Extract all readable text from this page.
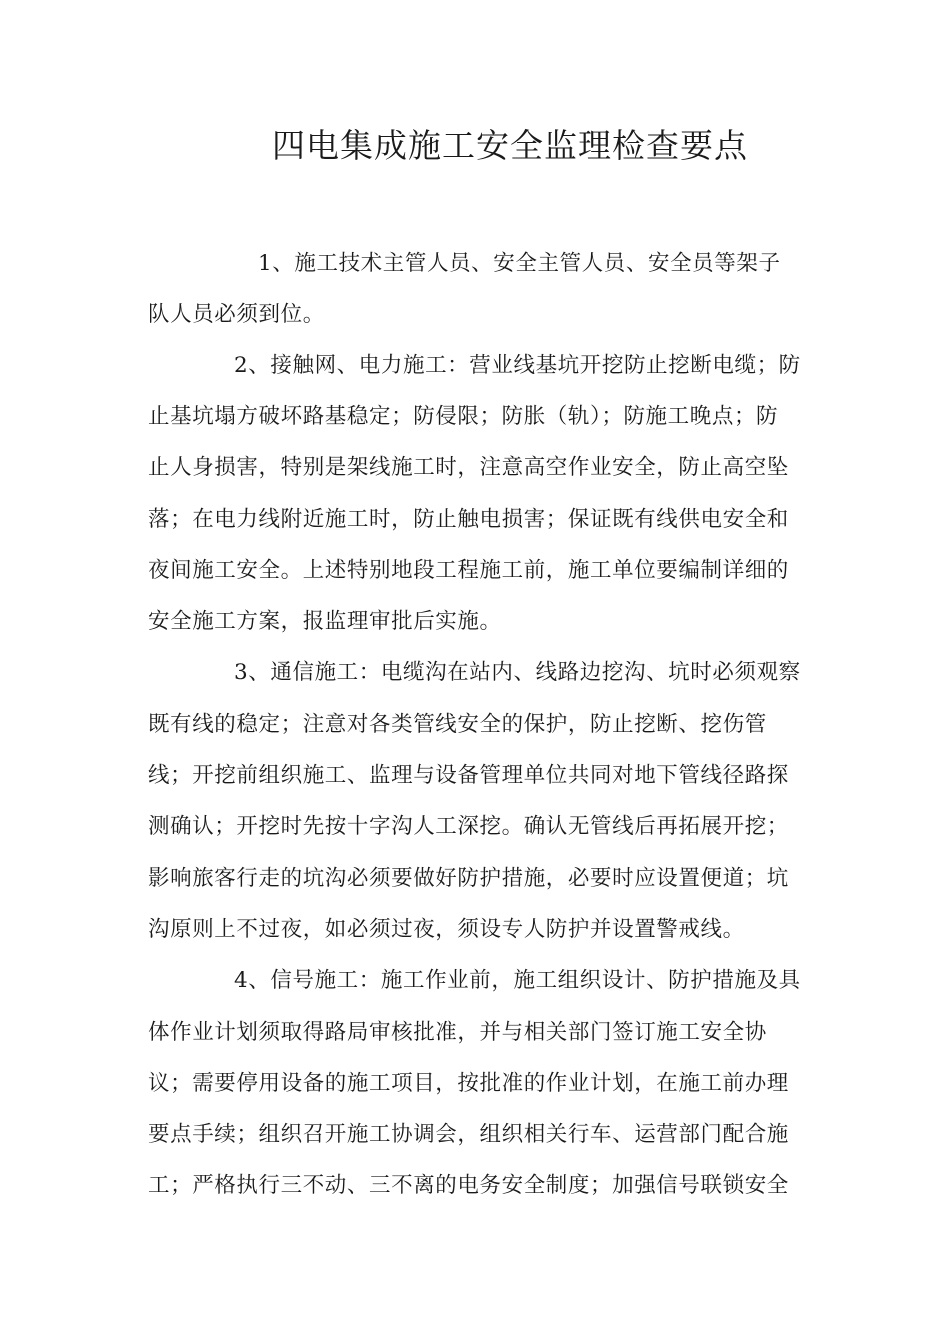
四电集成施工安全监理检查要点
1、施工技术主管人员、安全主管人员、安全员等架子
队人员必须到位。
2、接触网、电力施工：营业线基坑开挖防止挖断电缆；防
止基坑塌方破坏路基稳定；防侵限；防胀（轨）；防施工晚点；防
止人身损害，特别是架线施工时，注意高空作业安全，防止高空坠
落；在电力线附近施工时，防止触电损害；保证既有线供电安全和
夜间施工安全。上述特别地段工程施工前，施工单位要编制详细的
安全施工方案，报监理审批后实施。
3、通信施工：电缆沟在站内、线路边挖沟、坑时必须观察
既有线的稳定；注意对各类管线安全的保护，防止挖断、挖伤管
线；开挖前组织施工、监理与设备管理单位共同对地下管线径路探
测确认；开挖时先按十字沟人工深挖。确认无管线后再拓展开挖；
影响旅客行走的坑沟必须要做好防护措施，必要时应设置便道；坑
沟原则上不过夜，如必须过夜，须设专人防护并设置警戒线。
4、信号施工：施工作业前，施工组织设计、防护措施及具
体作业计划须取得路局审核批准，并与相关部门签订施工安全协
议；需要停用设备的施工项目，按批准的作业计划，在施工前办理
要点手续；组织召开施工协调会，组织相关行车、运营部门配合施
工；严格执行三不动、三不离的电务安全制度；加强信号联锁安全
